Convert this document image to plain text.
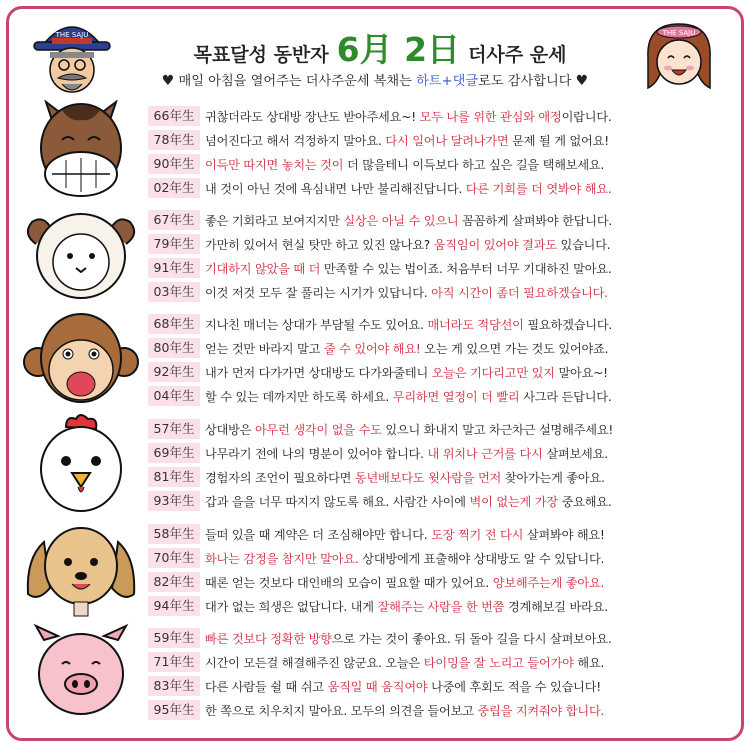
THE SAJU
목표달성 동반자 6月 2日 더사주 운세
THE SAJU
♥ 매일 아침을 열어주는 더사주운세 복채는 하트+댓글로도 감사합니다 ♥
66年生 귀찮더라도 상대방 장난도 받아주세요~! 모두 나를 위한 관심와 애정이랍니다.
78年生 넘어진다고 해서 걱정하지 말아요. 다시 일어나 달려나가면 문제 될 게 없어요!
90年生 이득만 따지면 놓치는 것이 더 많을테니 이득보다 하고 싶은 길을 택해보세요.
02年生 내 것이 아닌 것에 욕심내면 나만 불리해진답니다. 다른 기회를 더 엿봐야 해요.
67年生 좋은 기회라고 보여지지만 실상은 아닐 수 있으니 꼼꼼하게 살펴봐야 한답니다.
79年生 가만히 있어서 현실 탓만 하고 있진 않나요? 움직임이 있어야 결과도 있습니다.
91年生 기대하지 않았을 때 더 만족할 수 있는 법이죠. 처음부터 너무 기대하진 말아요.
03年生 이것 저것 모두 잘 풀리는 시기가 있답니다. 아직 시간이 좀더 필요하겠습니다.
68年生 지나친 매너는 상대가 부담될 수도 있어요. 매너라도 적당선이 필요하겠습니다.
80年生 얻는 것만 바라지 말고 줄 수 있어야 해요! 오는 게 있으면 가는 것도 있어야죠.
92年生 내가 먼저 다가가면 상대방도 다가와줄테니 오늘은 기다리고만 있지 말아요~!
04年生 할 수 있는 데까지만 하도록 하세요. 무리하면 열정이 더 빨리 사그라 든답니다.
57年生 상대방은 아무런 생각이 없을 수도 있으니 화내지 말고 차근차근 설명해주세요!
69年生 나무라기 전에 나의 명분이 있어야 합니다. 내 위치나 근거를 다시 살펴보세요.
81年生 경험자의 조언이 필요하다면 동년배보다도 윗사람을 먼저 찾아가는게 좋아요.
93年生 갑과 을을 너무 따지지 않도록 해요. 사람간 사이에 벽이 없는게 가장 중요해요.
58年生 들떠 있을 때 계약은 더 조심해야만 합니다. 도장 찍기 전 다시 살펴봐야 해요!
70年生 화나는 감정을 참지만 말아요. 상대방에게 표출해야 상대방도 알 수 있답니다.
82年生 때론 얻는 것보다 대인배의 모습이 필요할 때가 있어요. 양보해주는게 좋아요.
94年生 대가 없는 희생은 없답니다. 내게 잘해주는 사람을 한 번쯤 경계해보길 바라요.
59年生 빠른 것보다 정확한 방향으로 가는 것이 좋아요. 뒤 돌아 길을 다시 살펴보아요.
71年生 시간이 모든걸 해결해주진 않군요. 오늘은 타이밍을 잘 노리고 들어가야 해요.
83年生 다른 사람들 쉴 때 쉬고 움직일 때 움직여야 나중에 후회도 적을 수 있습니다!
95年生 한 쪽으로 치우치지 말아요. 모두의 의견을 들어보고 중립을 지켜줘야 합니다.
